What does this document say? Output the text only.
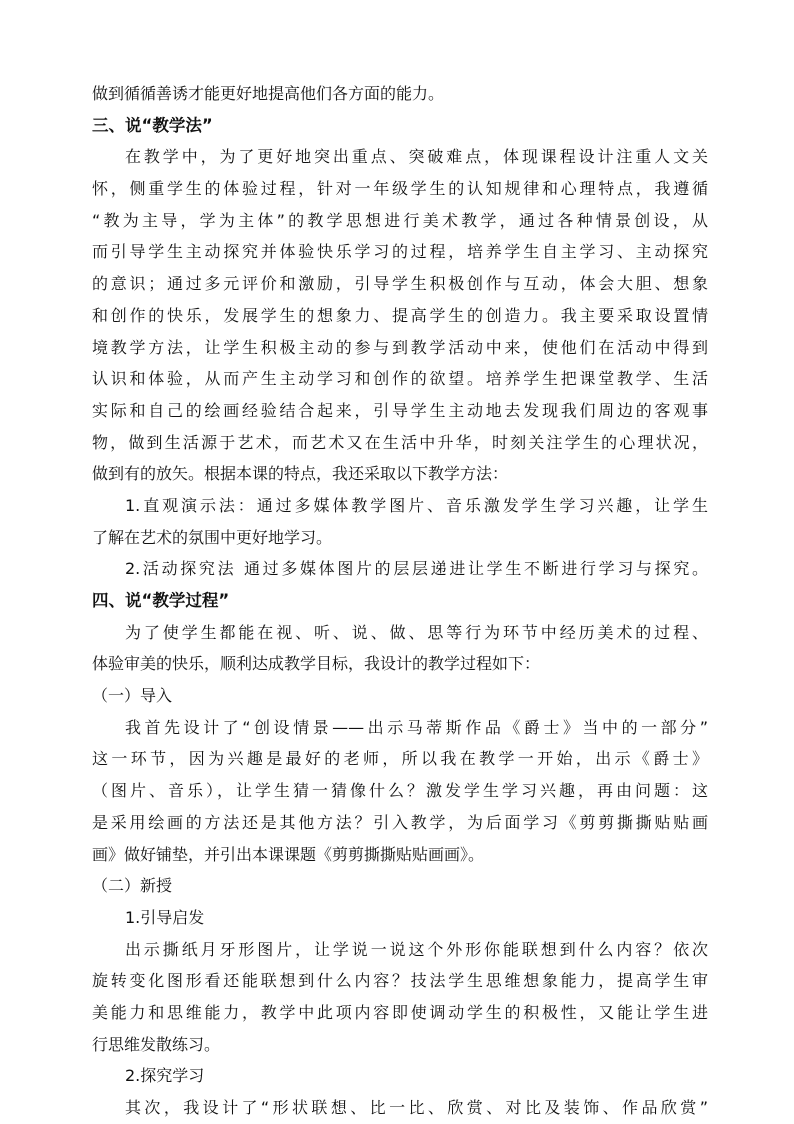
做到循循善诱才能更好地提高他们各方面的能力。
三、说“教学法”
在教学中，为了更好地突出重点、突破难点，体现课程设计注重人文关
怀，侧重学生的体验过程，针对一年级学生的认知规律和心理特点，我遵循
“教为主导，学为主体”的教学思想进行美术教学，通过各种情景创设，从
而引导学生主动探究并体验快乐学习的过程，培养学生自主学习、主动探究
的意识；通过多元评价和激励，引导学生积极创作与互动，体会大胆、想象
和创作的快乐，发展学生的想象力、提高学生的创造力。我主要采取设置情
境教学方法，让学生积极主动的参与到教学活动中来，使他们在活动中得到
认识和体验，从而产生主动学习和创作的欲望。培养学生把课堂教学、生活
实际和自己的绘画经验结合起来，引导学生主动地去发现我们周边的客观事
物，做到生活源于艺术，而艺术又在生活中升华，时刻关注学生的心理状况，
做到有的放矢。根据本课的特点，我还采取以下教学方法：
1.直观演示法：通过多媒体教学图片、音乐激发学生学习兴趣，让学生
了解在艺术的氛围中更好地学习。
2.活动探究法 通过多媒体图片的层层递进让学生不断进行学习与探究。
四、说“教学过程”
为了使学生都能在视、听、说、做、思等行为环节中经历美术的过程、
体验审美的快乐，顺利达成教学目标，我设计的教学过程如下：
（一）导入
我首先设计了“创设情景——出示马蒂斯作品《爵士》当中的一部分”
这一环节，因为兴趣是最好的老师，所以我在教学一开始，出示《爵士》
（图片、音乐），让学生猜一猜像什么？激发学生学习兴趣，再由问题：这
是采用绘画的方法还是其他方法？引入教学，为后面学习《剪剪撕撕贴贴画
画》做好铺垫，并引出本课课题《剪剪撕撕贴贴画画》。
（二）新授
1.引导启发
出示撕纸月牙形图片，让学说一说这个外形你能联想到什么内容？依次
旋转变化图形看还能联想到什么内容？技法学生思维想象能力，提高学生审
美能力和思维能力，教学中此项内容即使调动学生的积极性，又能让学生进
行思维发散练习。
2.探究学习
其次，我设计了“形状联想、比一比、欣赏、对比及装饰、作品欣赏”
